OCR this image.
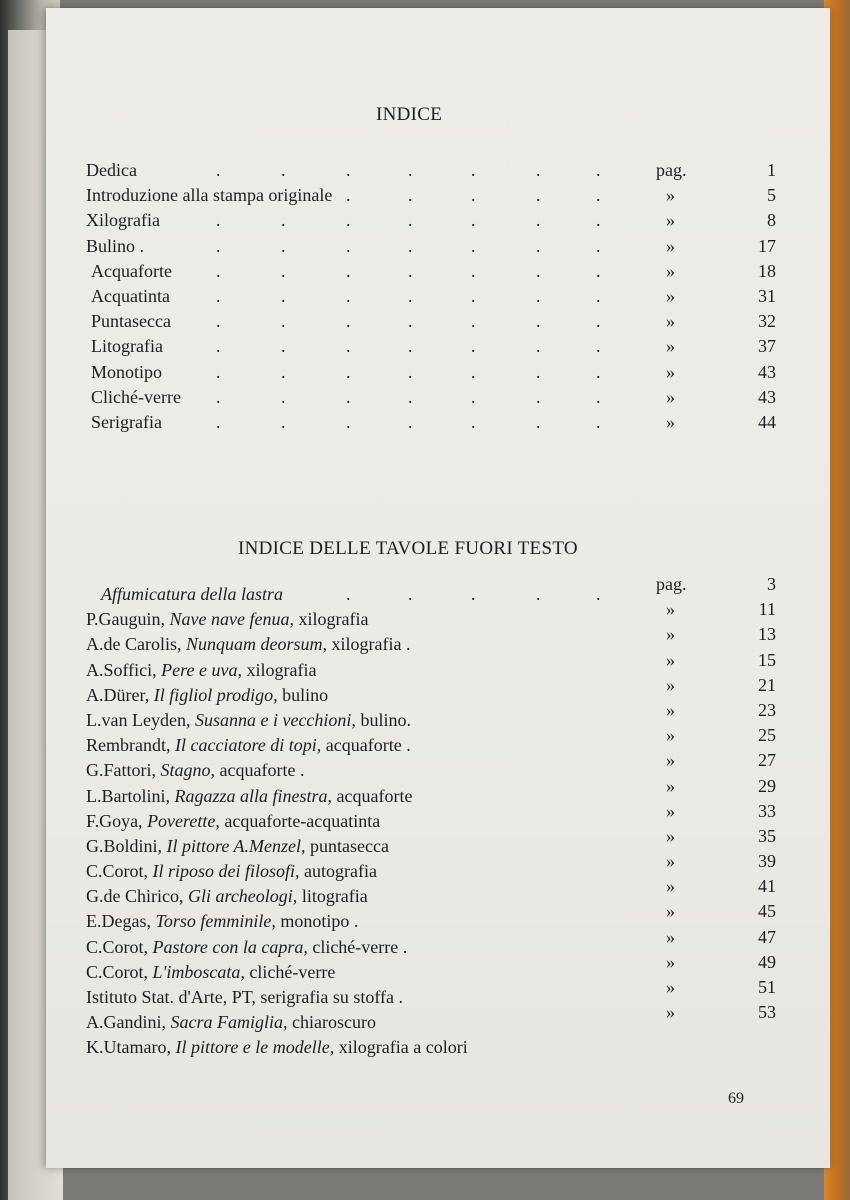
INDICE
Dedica	.	.	.	.	.	.	.	pag.	1
Introduzione alla stampa originale .	.	.	.	.	»	5
Xilografia	.	.	.	.	.	.	.	»	8
Bulino .	.	.	.	.	.	.	.	»	17
Acquaforte .	.	.	.	.	.	.	»	18
Acquatinta	.	.	.	.	.	.	.	»	31
Puntasecca	.	.	.	.	.	.	.	»	32
Litografia	.	.	.	.	.	.	.	»	37
Monotipo	.	.	.	.	.	.	.	»	43
Cliché-verre .	.	.	.	.	.	.	»	43
Serigrafia	.	.	.	.	.	.	.	»	44
INDICE DELLE TAVOLE FUORI TESTO
Affumicatura della lastra	.	.	.	.	.	pag.	3
P.Gauguin, Nave nave fenua, xilografia	»	11
A.de Carolis, Nunquam deorsum, xilografia .	»	13
A.Soffici, Pere e uva, xilografia	»	15
A.Dürer, Il figliol prodigo, bulino	»	21
L.van Leyden, Susanna e i vecchioni, bulino.	»	23
Rembrandt, Il cacciatore di topi, acquaforte .	»	25
G.Fattori, Stagno, acquaforte .	»	27
L.Bartolini, Ragazza alla finestra, acquaforte	»	29
F.Goya, Poverette, acquaforte-acquatinta	»	33
G.Boldini, Il pittore A.Menzel, puntasecca	»	35
C.Corot, Il riposo dei filosofi, autografia	»	39
G.de Chirico, Gli archeologi, litografia	»	41
E.Degas, Torso femminile, monotipo .	»	45
C.Corot, Pastore con la capra, cliché-verre .	»	47
C.Corot, L'imboscata, cliché-verre	»	49
Istituto Stat. d'Arte, PT, serigrafia su stoffa .	»	51
A.Gandini, Sacra Famiglia, chiaroscuro	»	53
K.Utamaro, Il pittore e le modelle, xilografia a colori
69
